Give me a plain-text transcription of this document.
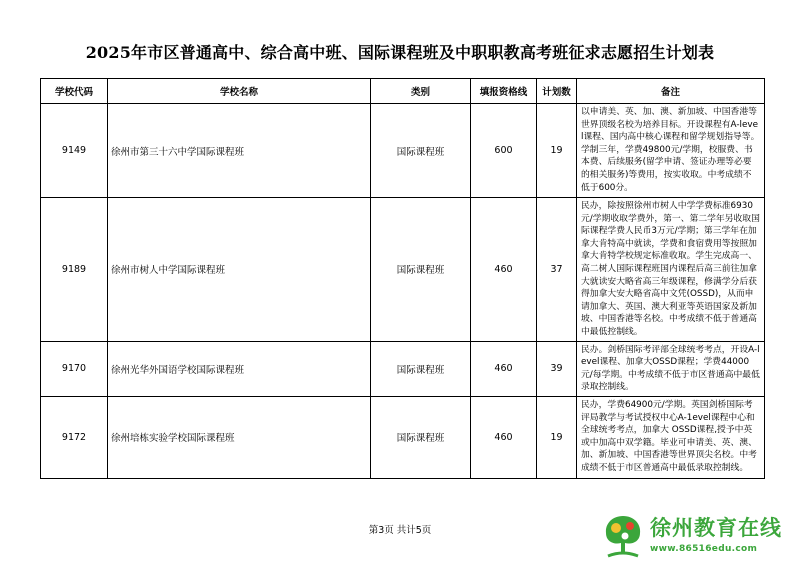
2025年市区普通高中、综合高中班、国际课程班及中职职教高考班征求志愿招生计划表
学校代码	学校名称	类别	填报资格线	计划数	备注
9149	徐州市第三十六中学国际课程班	国际课程班	600	19	以申请美、英、加、澳、新加坡、中国香港等世界顶级名校为培养目标。开设课程有A-level课程、国内高中核心课程和留学规划指导等。学制三年，学费49800元/学期，校服费、书本费、后续服务(留学申请、签证办理等必要的相关服务)等费用，按实收取。中考成绩不低于600分。
9189	徐州市树人中学国际课程班	国际课程班	460	37	民办，除按照徐州市树人中学学费标准6930元/学期收取学费外，第一、第二学年另收取国际课程学费人民币3万元/学期；第三学年在加拿大肯特高中就读，学费和食宿费用等按照加拿大肯特学校规定标准收取。学生完成高一、高二树人国际课程班国内课程后高三前往加拿大就读安大略省高三年级课程，修满学分后获得加拿大安大略省高中文凭(OSSD)，从而申请加拿大、英国、澳大利亚等英语国家及新加坡、中国香港等名校。中考成绩不低于普通高中最低控制线。
9170	徐州光华外国语学校国际课程班	国际课程班	460	39	民办。剑桥国际考评部全球统考考点，开设A-level课程、加拿大OSSD课程；学费44000元/每学期。中考成绩不低于市区普通高中最低录取控制线。
9172	徐州培栋实验学校国际课程班	国际课程班	460	19	民办，学费64900元/学期。英国剑桥国际考评局教学与考试授权中心A-1evel课程中心和全球统考考点，加拿大 OSSD课程,授予中英或中加高中双学籍。毕业可申请美、英、澳、加、新加坡、中国香港等世界顶尖名校。中考成绩不低于市区普通高中最低录取控制线。
第3页 共计5页	徐州教育在线
www.86516edu.com
